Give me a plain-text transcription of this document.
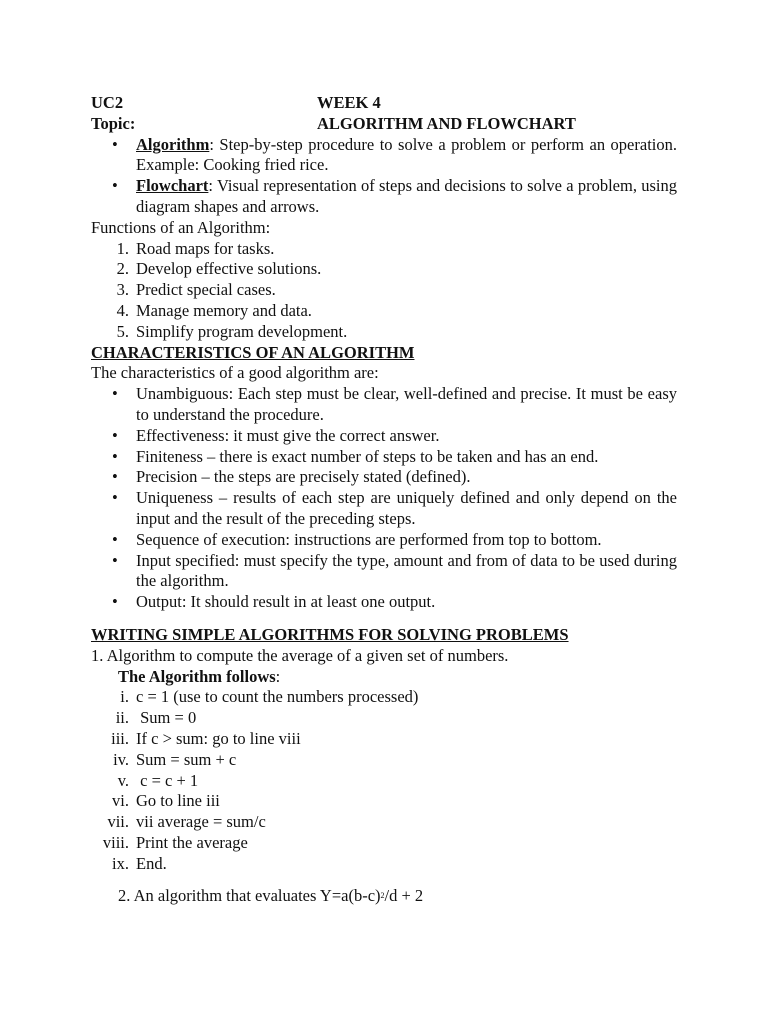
UC2	WEEK 4
Topic:	ALGORITHM AND FLOWCHART
• Algorithm: Step-by-step procedure to solve a problem or perform an operation. Example: Cooking fried rice.
• Flowchart: Visual representation of steps and decisions to solve a problem, using diagram shapes and arrows.
Functions of an Algorithm:
1. Road maps for tasks.
2. Develop effective solutions.
3. Predict special cases.
4. Manage memory and data.
5. Simplify program development.
CHARACTERISTICS OF AN ALGORITHM
The characteristics of a good algorithm are:
• Unambiguous: Each step must be clear, well-defined and precise. It must be easy to understand the procedure.
• Effectiveness: it must give the correct answer.
• Finiteness – there is exact number of steps to be taken and has an end.
• Precision – the steps are precisely stated (defined).
• Uniqueness – results of each step are uniquely defined and only depend on the input and the result of the preceding steps.
• Sequence of execution: instructions are performed from top to bottom.
• Input specified: must specify the type, amount and from of data to be used during the algorithm.
• Output: It should result in at least one output.
WRITING SIMPLE ALGORITHMS FOR SOLVING PROBLEMS
1. Algorithm to compute the average of a given set of numbers.
The Algorithm follows:
i. c = 1 (use to count the numbers processed)
ii. Sum = 0
iii. If c > sum: go to line viii
iv. Sum = sum + c
v. c = c + 1
vi. Go to line iii
vii. vii average = sum/c
viii. Print the average
ix. End.
2. An algorithm that evaluates $Y=a(b-c)^2/d + 2$
